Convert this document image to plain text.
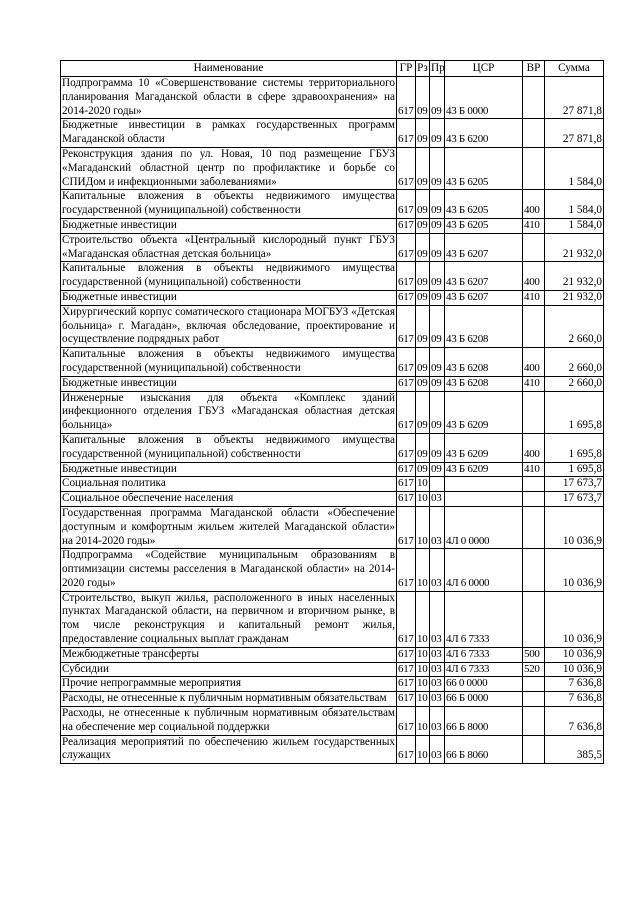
Наименование	ГР	Рз	Пр	ЦСР	ВР	Сумма
Подпрограмма 10 «Совершенствование системы территориального планирования Магаданской области в сфере здравоохранения» на 2014-2020 годы»	617	09	09	43 Б 0000		27 871,8
Бюджетные инвестиции в рамках государственных программ Магаданской области	617	09	09	43 Б 6200		27 871,8
Реконструкция здания по ул. Новая, 10 под размещение ГБУЗ «Магаданский областной центр по профилактике и борьбе со СПИДом и инфекционными заболеваниями»	617	09	09	43 Б 6205		1 584,0
Капитальные вложения в объекты недвижимого имущества государственной (муниципальной) собственности	617	09	09	43 Б 6205	400	1 584,0
Бюджетные инвестиции	617	09	09	43 Б 6205	410	1 584,0
Строительство объекта «Центральный кислородный пункт ГБУЗ «Магаданская областная детская больница»	617	09	09	43 Б 6207		21 932,0
Капитальные вложения в объекты недвижимого имущества государственной (муниципальной) собственности	617	09	09	43 Б 6207	400	21 932,0
Бюджетные инвестиции	617	09	09	43 Б 6207	410	21 932,0
Хирургический корпус соматического стационара МОГБУЗ «Детская больница» г. Магадан», включая обследование, проектирование и осуществление подрядных работ	617	09	09	43 Б 6208		2 660,0
Капитальные вложения в объекты недвижимого имущества государственной (муниципальной) собственности	617	09	09	43 Б 6208	400	2 660,0
Бюджетные инвестиции	617	09	09	43 Б 6208	410	2 660,0
Инженерные изыскания для объекта «Комплекс зданий инфекционного отделения ГБУЗ «Магаданская областная детская больница»	617	09	09	43 Б 6209		1 695,8
Капитальные вложения в объекты недвижимого имущества государственной (муниципальной) собственности	617	09	09	43 Б 6209	400	1 695,8
Бюджетные инвестиции	617	09	09	43 Б 6209	410	1 695,8
Социальная политика	617	10				17 673,7
Социальное обеспечение населения	617	10	03			17 673,7
Государственная программа Магаданской области «Обеспечение доступным и комфортным жильем жителей Магаданской области» на 2014-2020 годы»	617	10	03	4Л 0 0000		10 036,9
Подпрограмма «Содействие муниципальным образованиям в оптимизации системы расселения в Магаданской области» на 2014-2020 годы»	617	10	03	4Л 6 0000		10 036,9
Строительство, выкуп жилья, расположенного в иных населенных пунктах Магаданской области, на первичном и вторичном рынке, в том числе реконструкция и капитальный ремонт жилья, предоставление социальных выплат гражданам	617	10	03	4Л 6 7333		10 036,9
Межбюджетные трансферты	617	10	03	4Л 6 7333	500	10 036,9
Субсидии	617	10	03	4Л 6 7333	520	10 036,9
Прочие непрограммные мероприятия	617	10	03	66 0 0000		7 636,8
Расходы, не отнесенные к публичным нормативным обязательствам	617	10	03	66 Б 0000		7 636,8
Расходы, не отнесенные к публичным нормативным обязательствам на обеспечение мер социальной поддержки	617	10	03	66 Б 8000		7 636,8
Реализация мероприятий по обеспечению жильем государственных служащих	617	10	03	66 Б 8060		385,5
